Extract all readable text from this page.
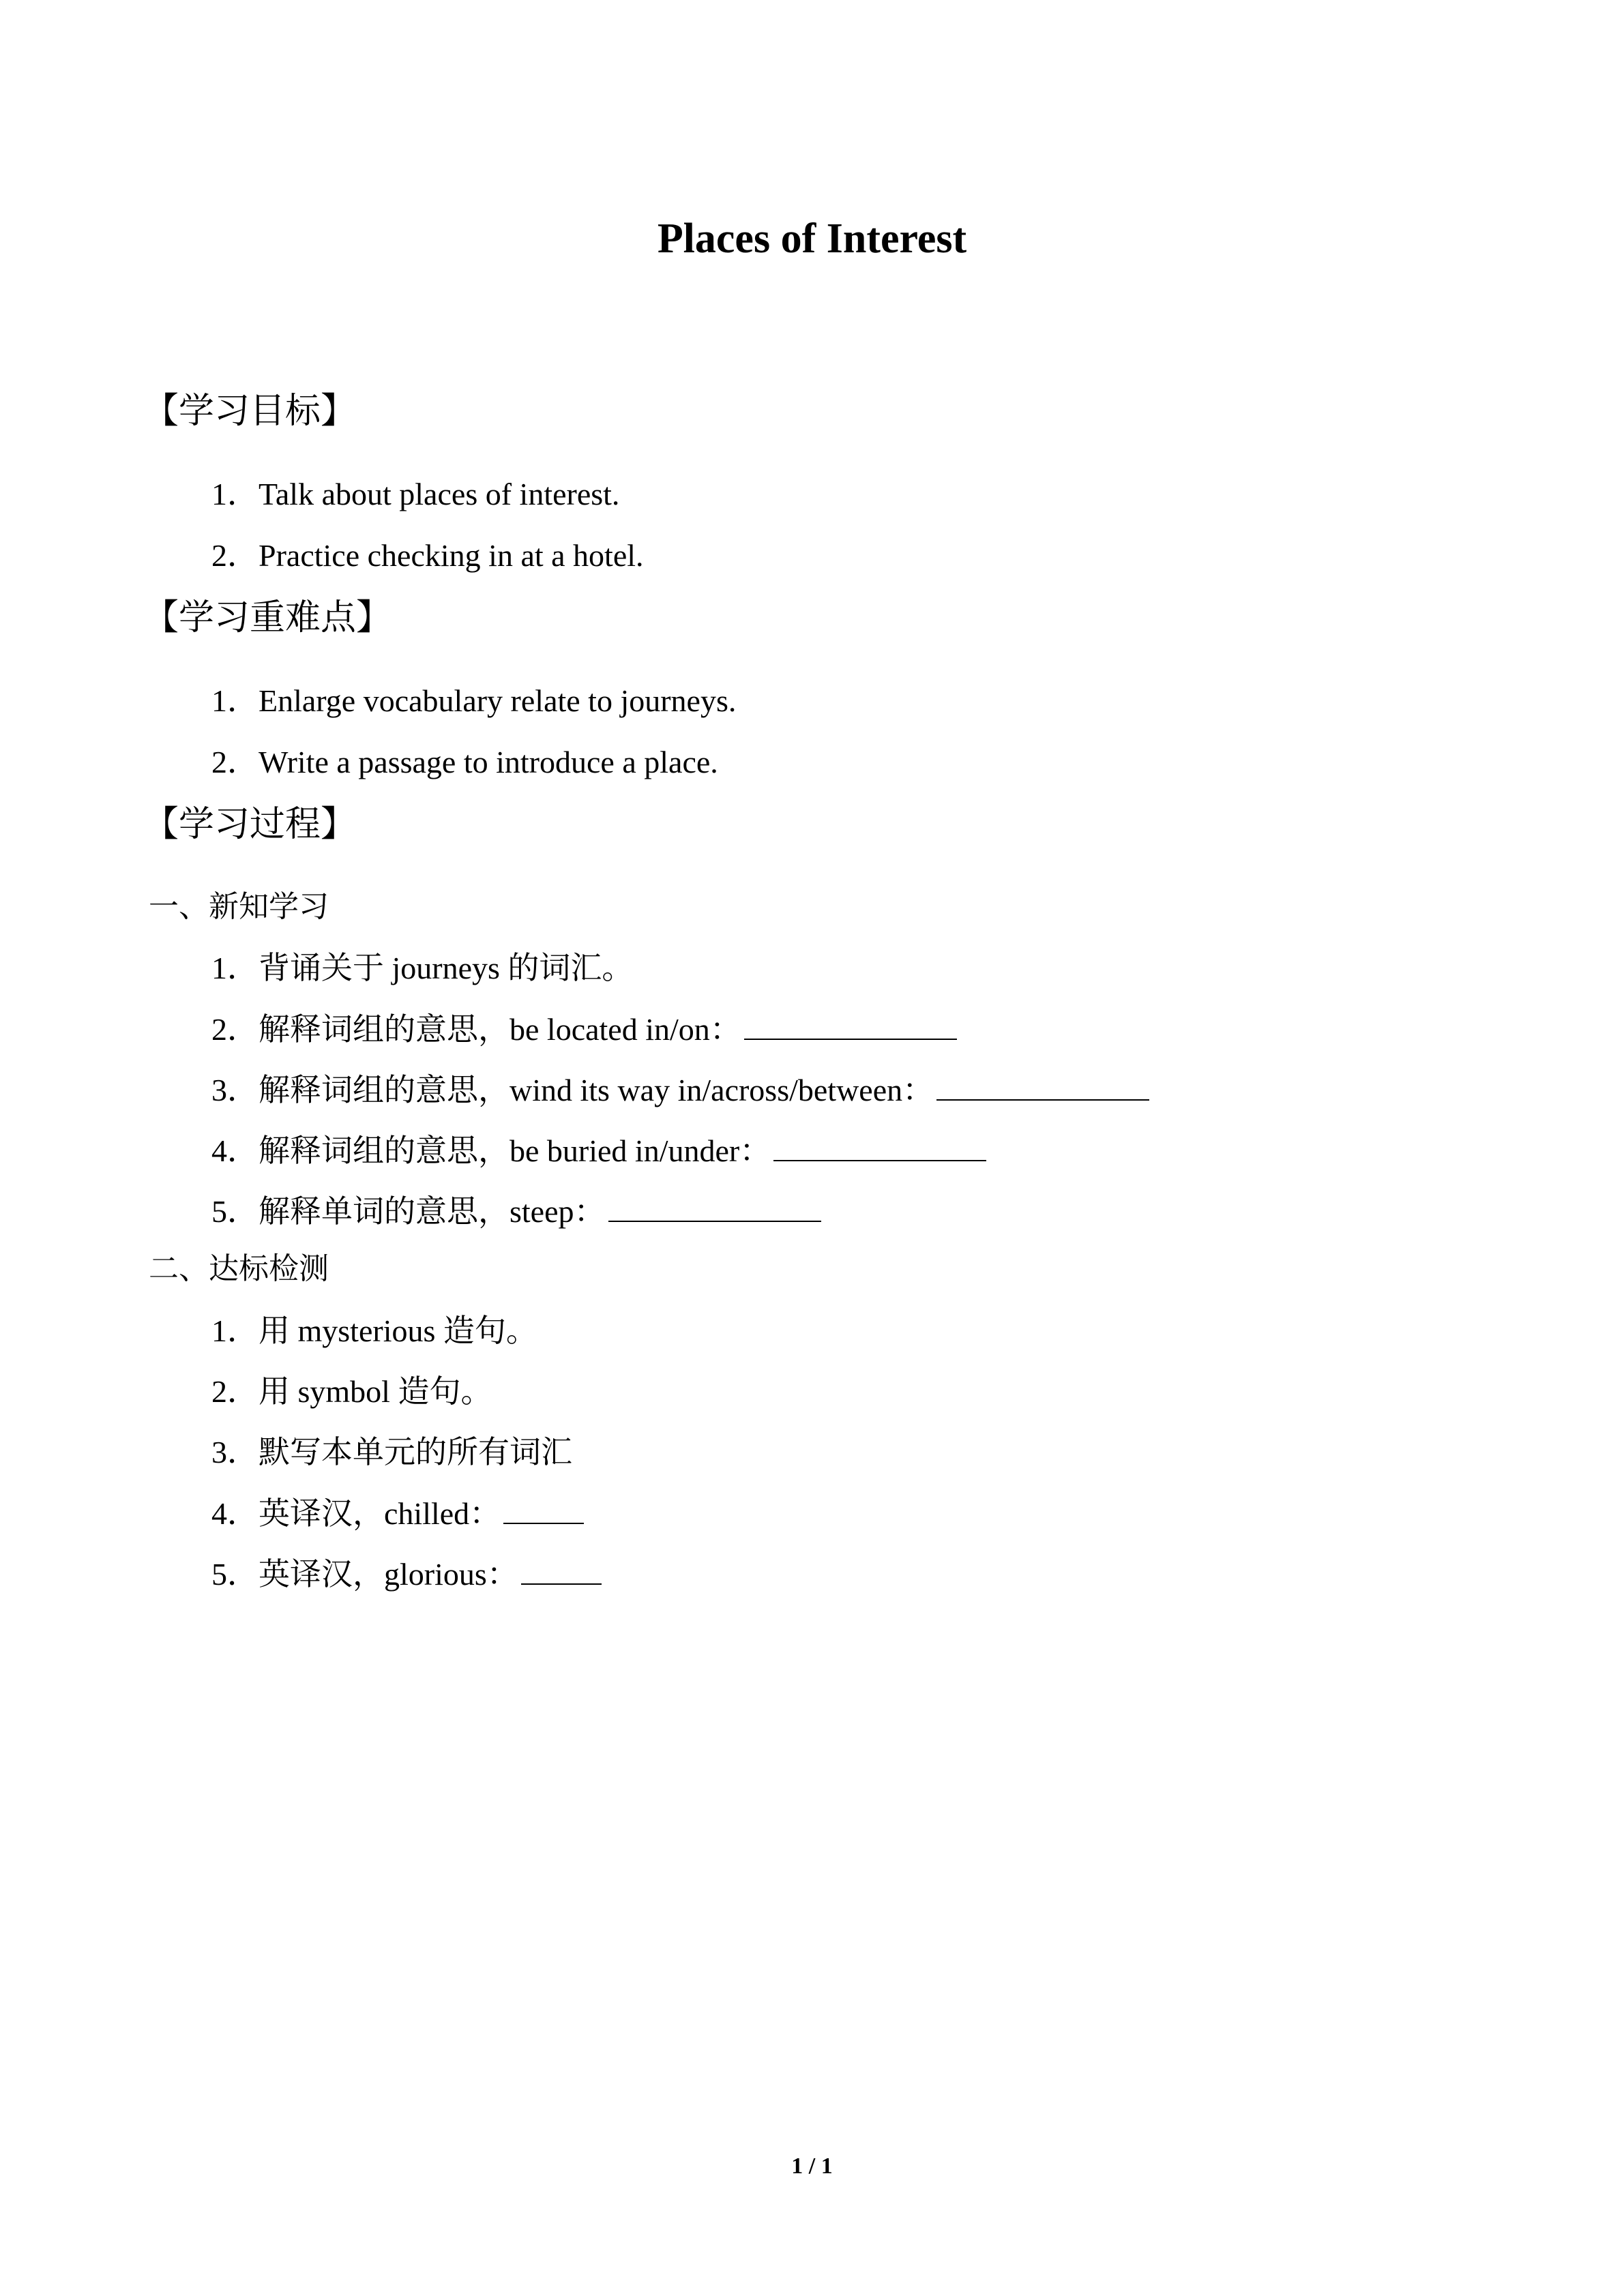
Places of Interest
【学习目标】
1．Talk about places of interest.
2．Practice checking in at a hotel.
【学习重难点】
1．Enlarge vocabulary relate to journeys.
2．Write a passage to introduce a place.
【学习过程】
一、新知学习
1．背诵关于 journeys 的词汇。
2．解释词组的意思，be located in/on：
3．解释词组的意思，wind its way in/across/between：
4．解释词组的意思，be buried in/under：
5．解释单词的意思，steep：
二、达标检测
1．用 mysterious 造句。
2．用 symbol 造句。
3．默写本单元的所有词汇
4．英译汉，chilled：
5．英译汉，glorious：
1 / 1
